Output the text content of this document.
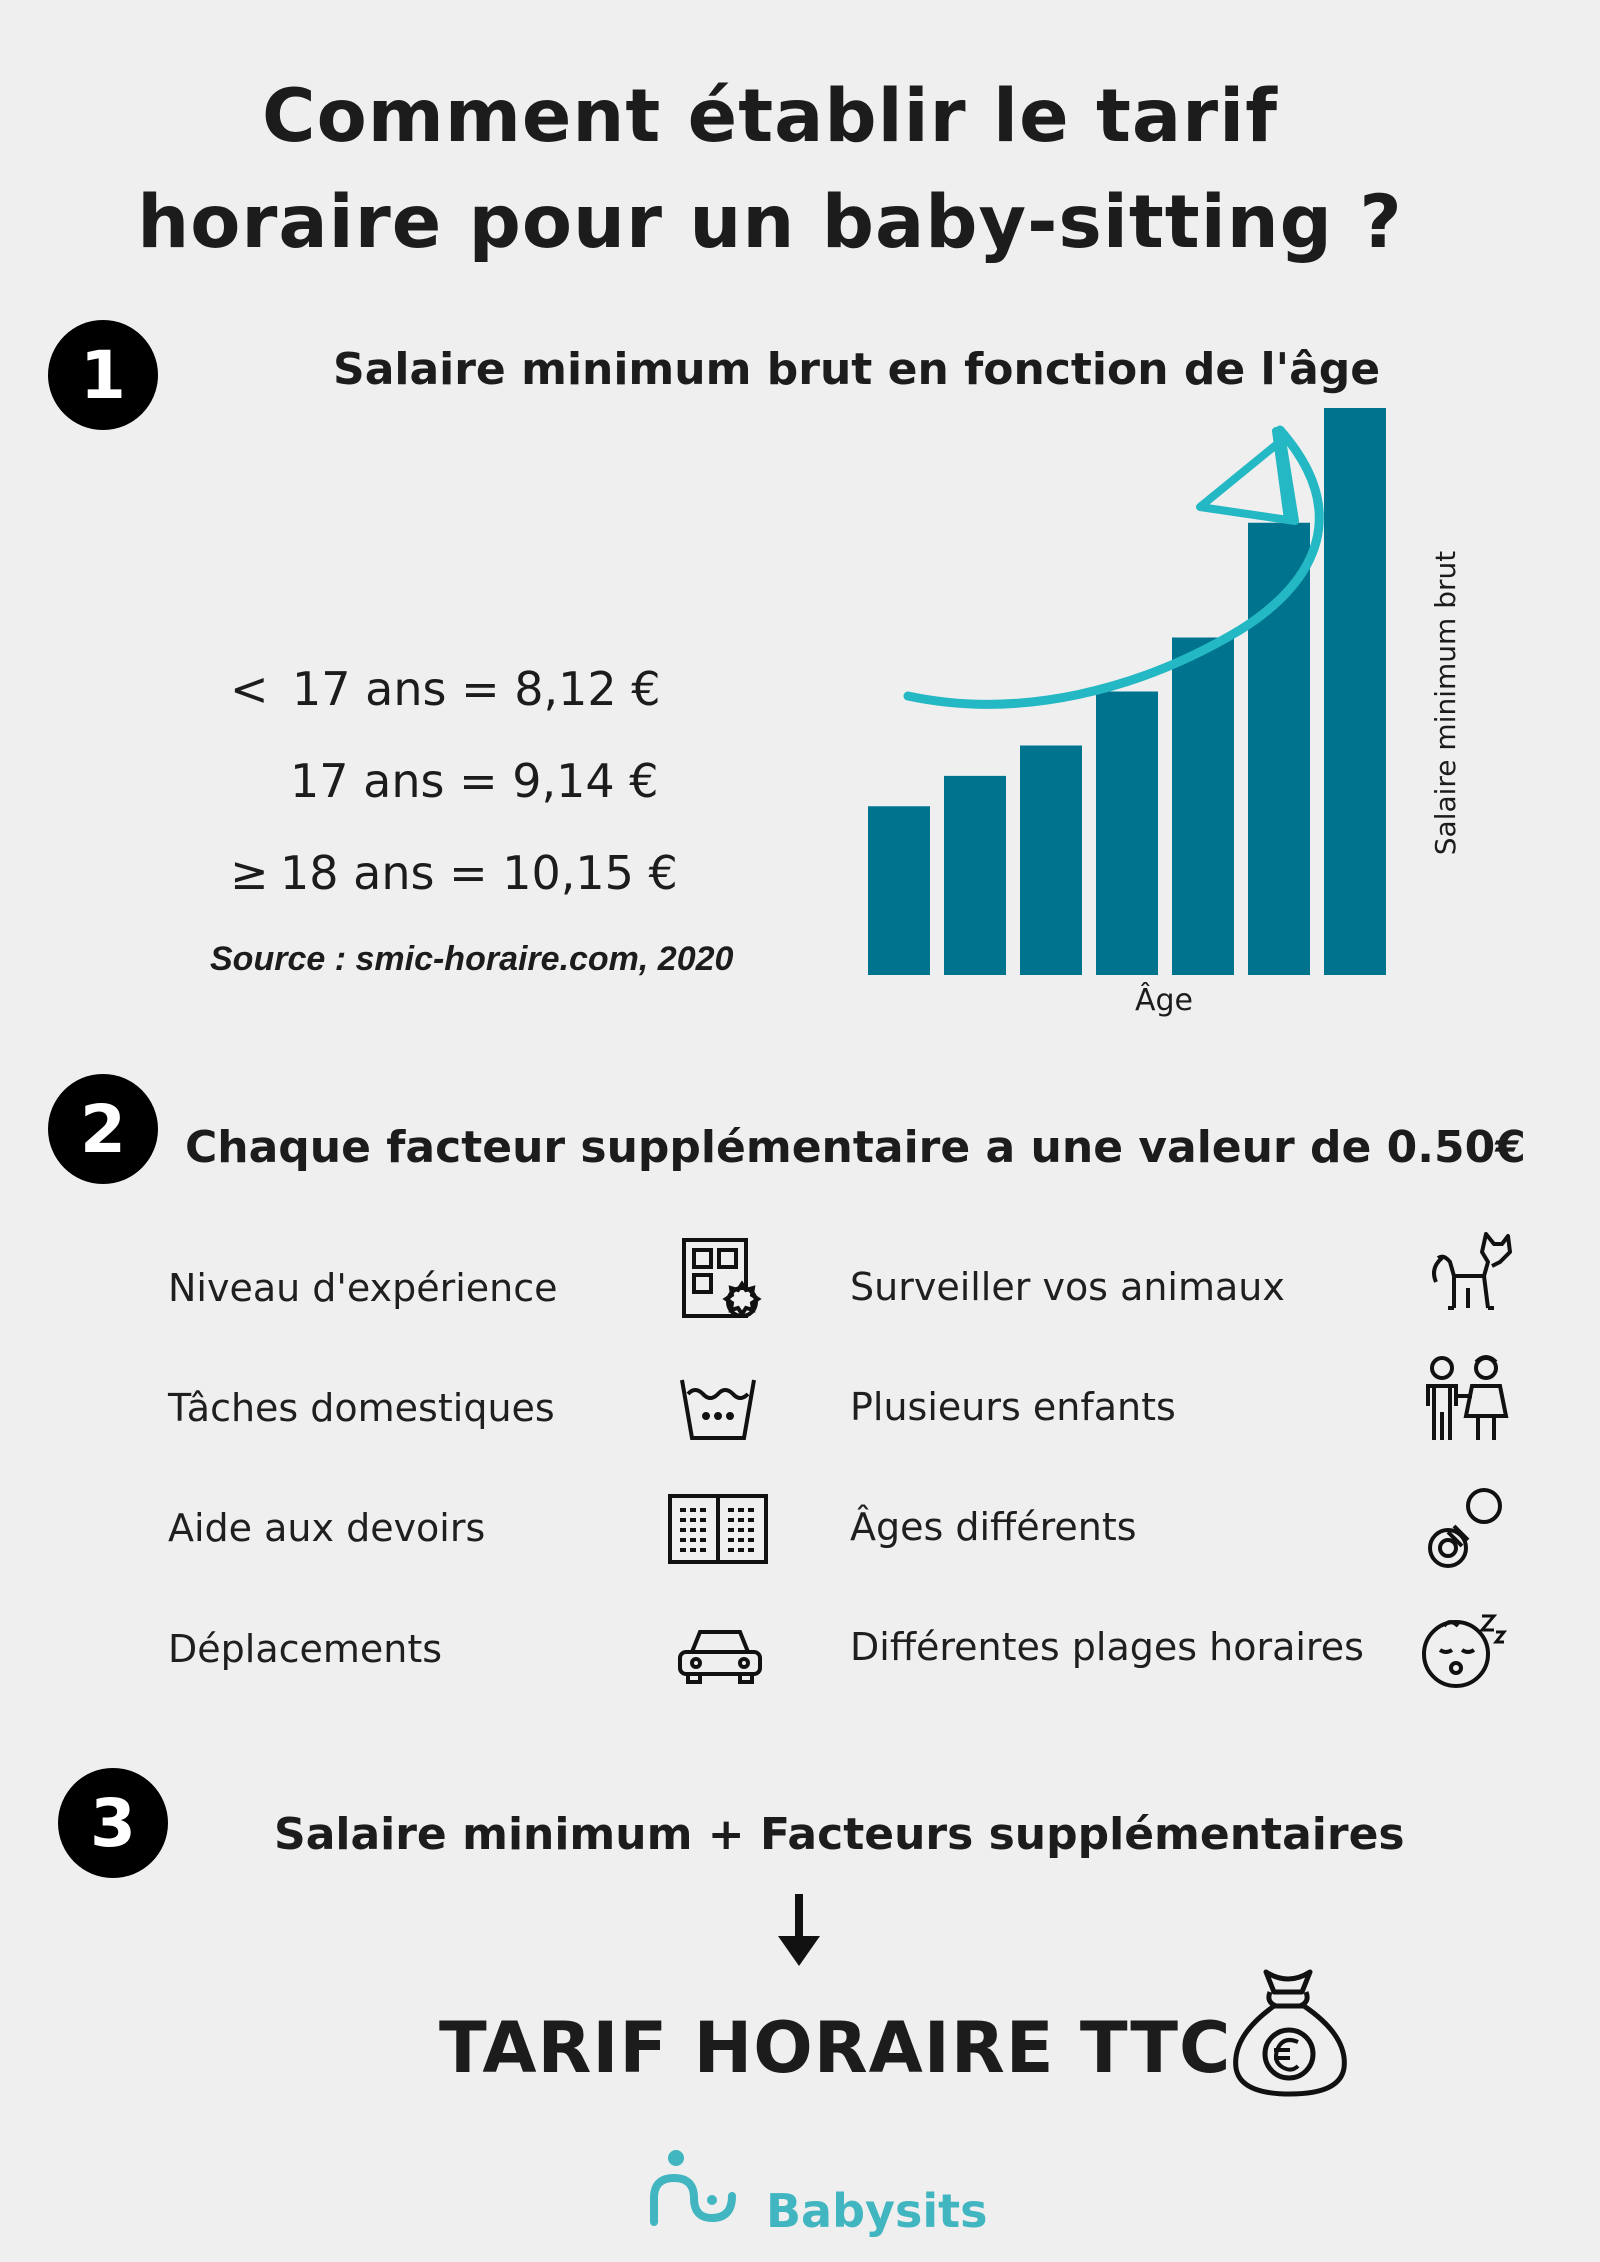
Comment établir le tarif
horaire pour un baby-sitting ?
1	Salaire minimum brut en fonction de l'âge
< 17 ans = 8,12 €
17 ans = 9,14 €
≥ 18 ans = 10,15 €
Source : smic-horaire.com, 2020
Salaire minimum brut
Âge
2	Chaque facteur supplémentaire a une valeur de 0.50€
Niveau d'expérience
Tâches domestiques
Aide aux devoirs
Déplacements
Surveiller vos animaux
Plusieurs enfants
Âges différents
Différentes plages horaires
3	Salaire minimum + Facteurs supplémentaires
TARIF HORAIRE TTC
Babysits
